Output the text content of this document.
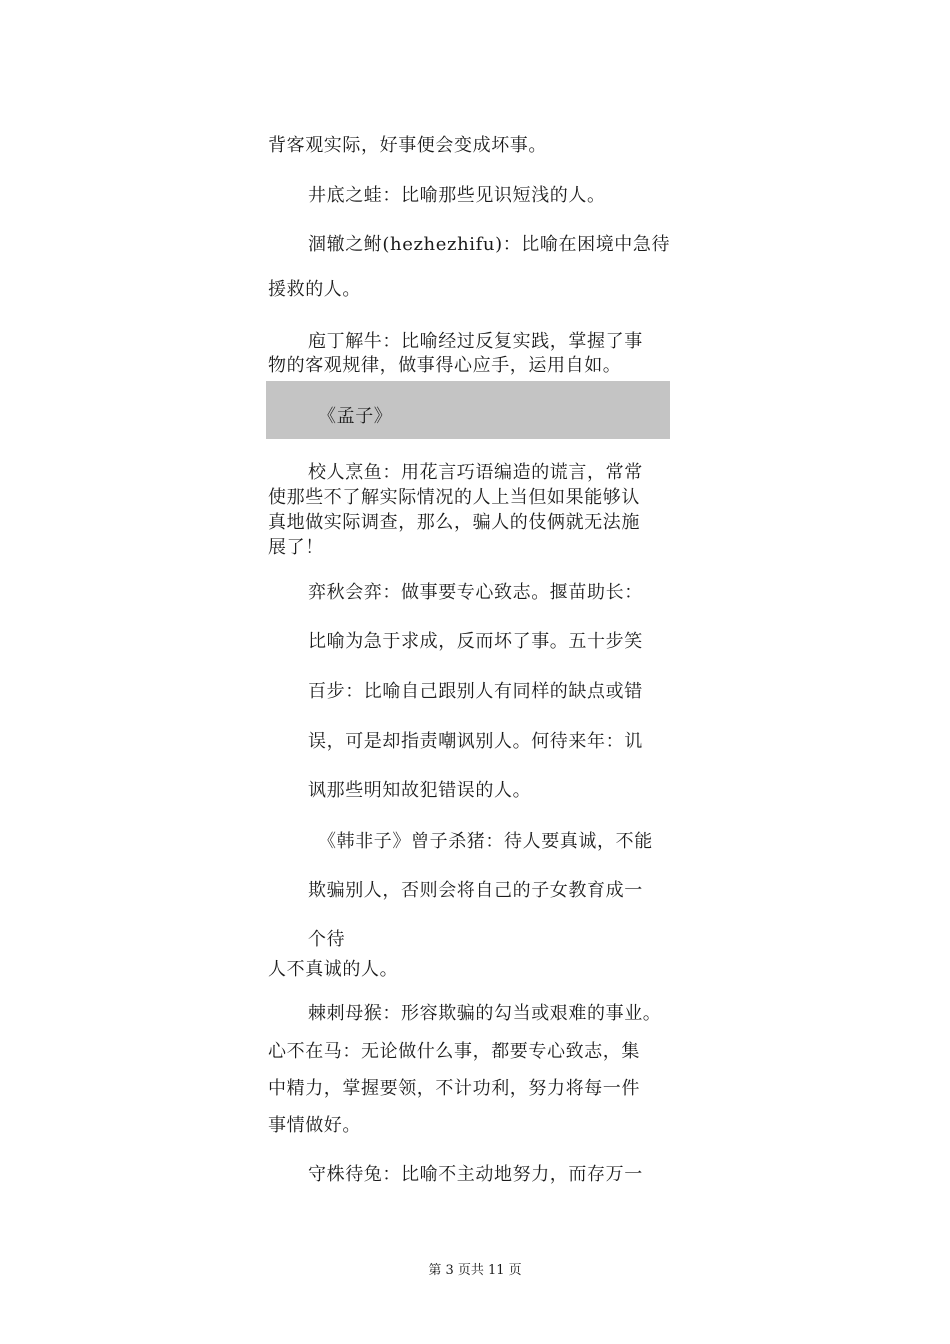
背客观实际，好事便会变成坏事。

井底之蛙：比喻那些见识短浅的人。

涸辙之鲋(hezhezhifu)：比喻在困境中急待

援救的人。

庖丁解牛：比喻经过反复实践，掌握了事

物的客观规律，做事得心应手，运用自如。

《孟子》

校人烹鱼：用花言巧语编造的谎言，常常

使那些不了解实际情况的人上当但如果能够认

真地做实际调查，那么，骗人的伎俩就无法施

展了！

弈秋会弈：做事要专心致志。揠苗助长：

比喻为急于求成，反而坏了事。五十步笑

百步：比喻自己跟别人有同样的缺点或错

误，可是却指责嘲讽别人。何待来年：讥

讽那些明知故犯错误的人。

《韩非子》曾子杀猪：待人要真诚，不能

欺骗别人，否则会将自己的子女教育成一

个待

人不真诚的人。

棘刺母猴：形容欺骗的勾当或艰难的事业。

心不在马：无论做什么事，都要专心致志，集

中精力，掌握要领，不计功利，努力将每一件

事情做好。

守株待兔：比喻不主动地努力，而存万一

第 3 页共 11 页
